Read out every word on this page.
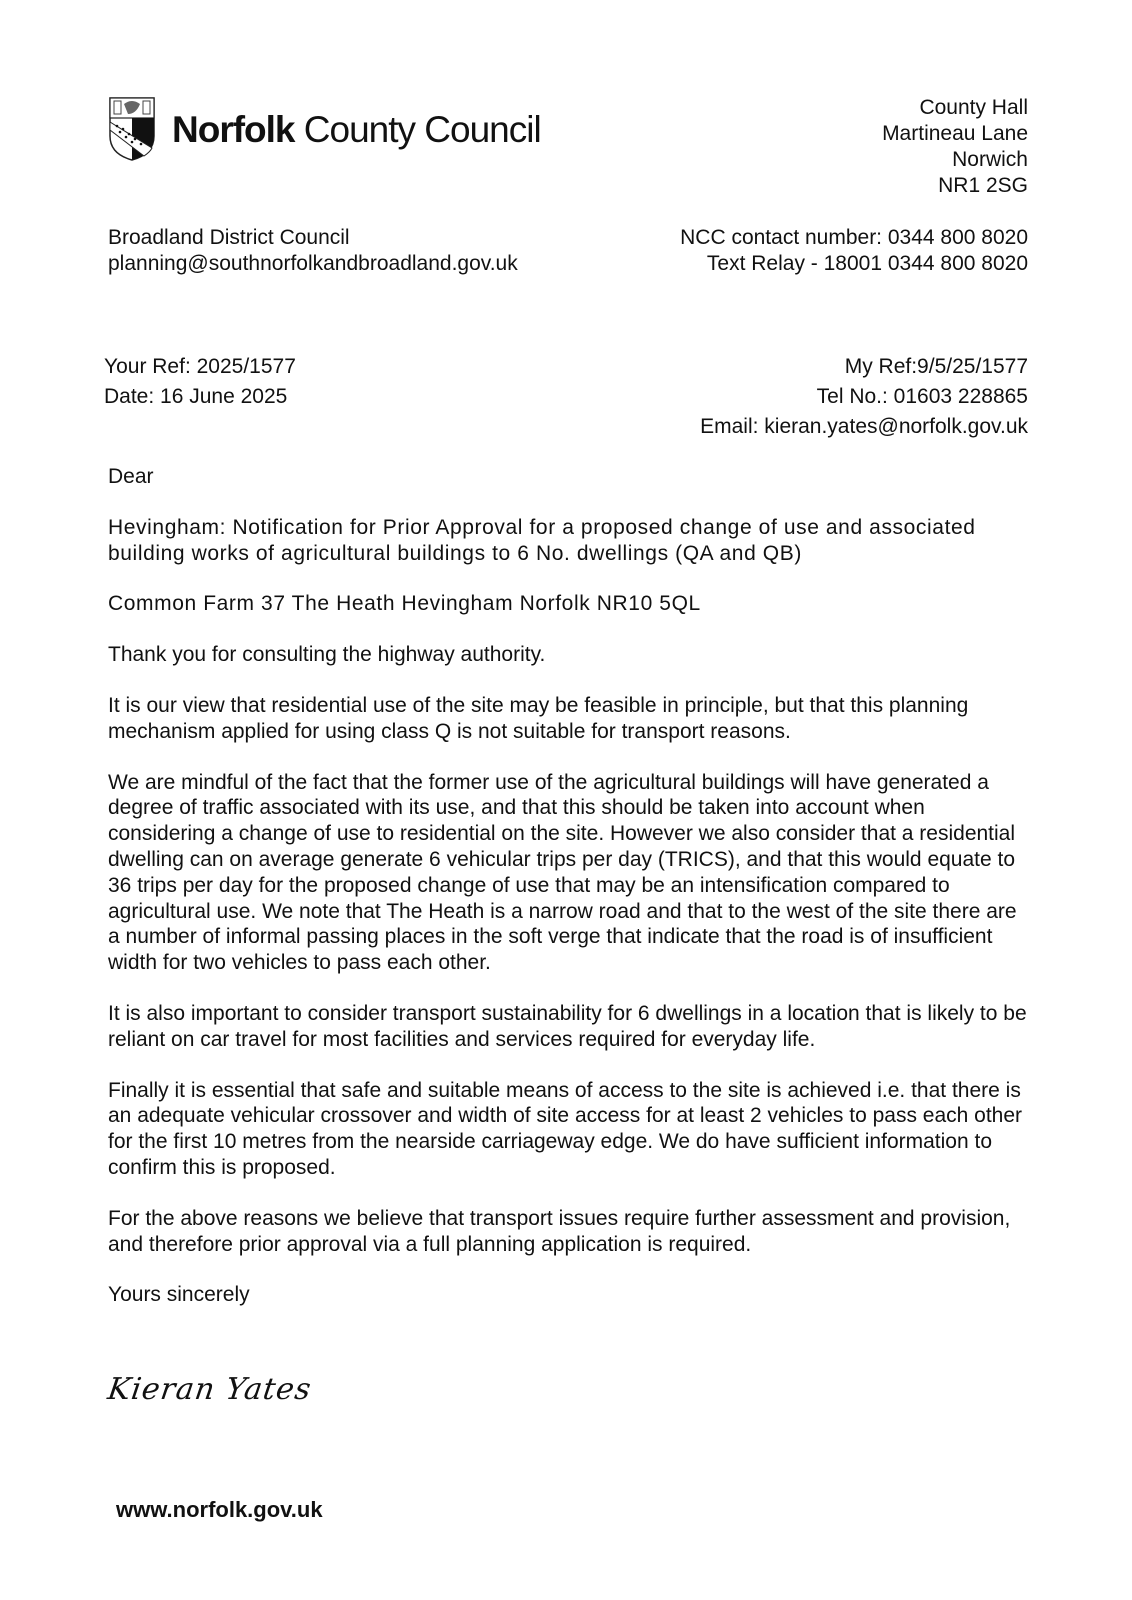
Norfolk County Council
County Hall
Martineau Lane
Norwich
NR1 2SG
Broadland District Council
planning@southnorfolkandbroadland.gov.uk
NCC contact number: 0344 800 8020
Text Relay - 18001 0344 800 8020
Your Ref: 2025/1577
Date: 16 June 2025
My Ref:9/5/25/1577
Tel No.: 01603 228865
Email: kieran.yates@norfolk.gov.uk

Dear

Hevingham: Notification for Prior Approval for a proposed change of use and associated building works of agricultural buildings to 6 No. dwellings (QA and QB)

Common Farm 37 The Heath Hevingham Norfolk NR10 5QL

Thank you for consulting the highway authority.

It is our view that residential use of the site may be feasible in principle, but that this planning mechanism applied for using class Q is not suitable for transport reasons.

We are mindful of the fact that the former use of the agricultural buildings will have generated a degree of traffic associated with its use, and that this should be taken into account when considering a change of use to residential on the site. However we also consider that a residential dwelling can on average generate 6 vehicular trips per day (TRICS), and that this would equate to 36 trips per day for the proposed change of use that may be an intensification compared to agricultural use. We note that The Heath is a narrow road and that to the west of the site there are a number of informal passing places in the soft verge that indicate that the road is of insufficient width for two vehicles to pass each other.

It is also important to consider transport sustainability for 6 dwellings in a location that is likely to be reliant on car travel for most facilities and services required for everyday life.

Finally it is essential that safe and suitable means of access to the site is achieved i.e. that there is an adequate vehicular crossover and width of site access for at least 2 vehicles to pass each other for the first 10 metres from the nearside carriageway edge. We do have sufficient information to confirm this is proposed.

For the above reasons we believe that transport issues require further assessment and provision, and therefore prior approval via a full planning application is required.

Yours sincerely

Kieran Yates
www.norfolk.gov.uk
